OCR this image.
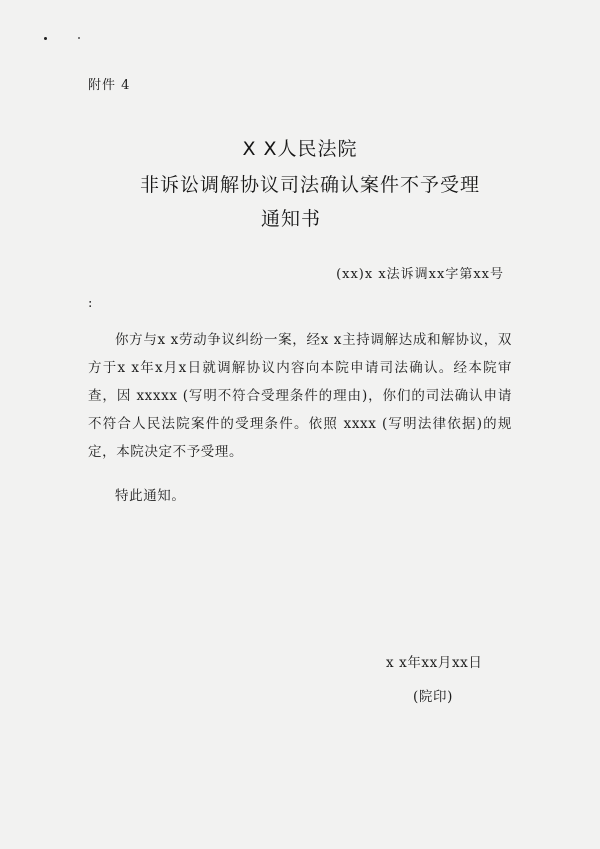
附件 4
X X人民法院
非诉讼调解协议司法确认案件不予受理
通知书
(xx)x x法诉调xx字第xx号
:

你方与x x劳动争议纠纷一案，经x x主持调解达成和解协议，双方于x x年x月x日就调解协议内容向本院申请司法确认。经本院审查，因 xxxxx (写明不符合受理条件的理由)，你们的司法确认申请不符合人民法院案件的受理条件。依照 xxxx (写明法律依据)的规定，本院决定不予受理。

特此通知。
x x年xx月xx日
(院印)
